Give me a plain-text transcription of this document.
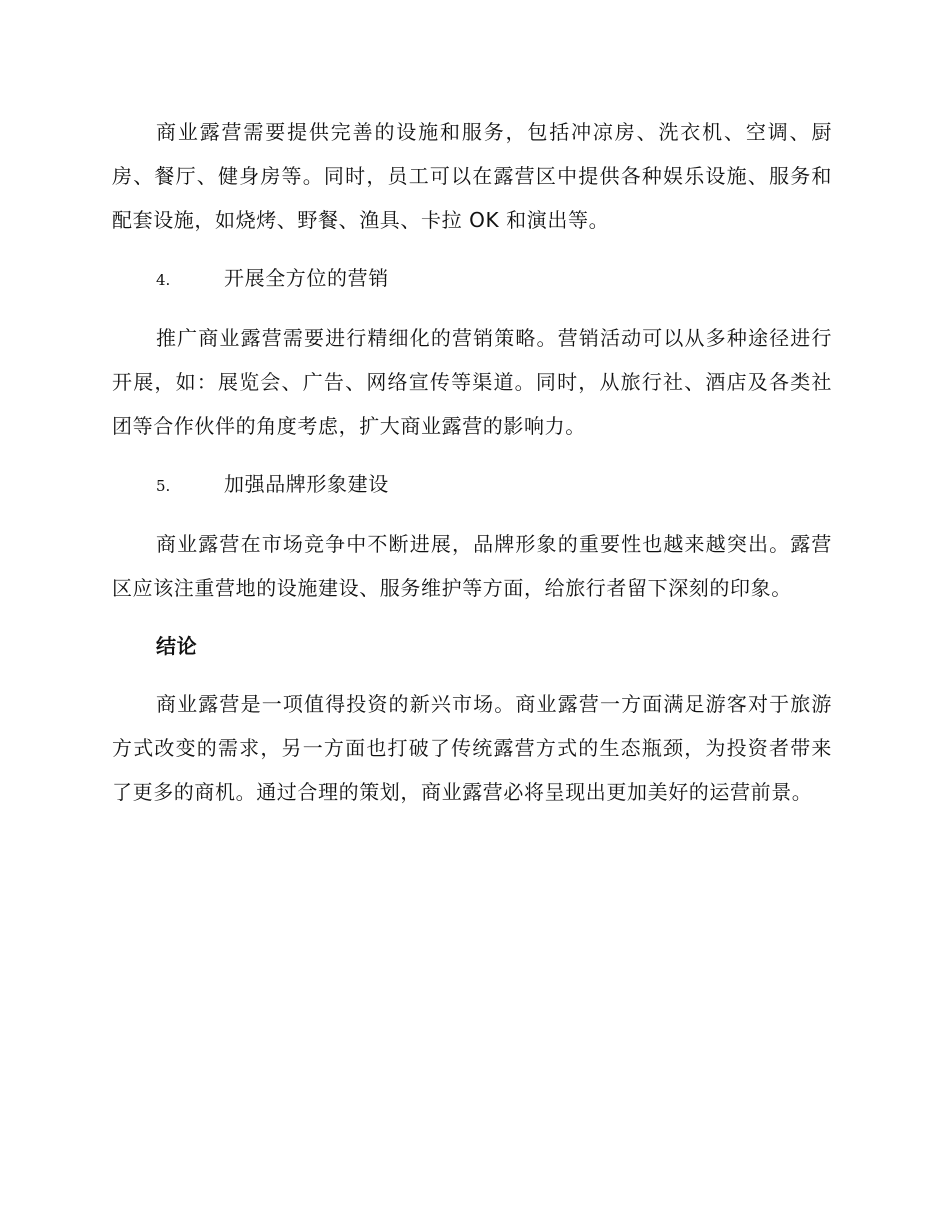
商业露营需要提供完善的设施和服务，包括冲凉房、洗衣机、空调、厨房、餐厅、健身房等。同时，员工可以在露营区中提供各种娱乐设施、服务和配套设施，如烧烤、野餐、渔具、卡拉 OK 和演出等。

4.	开展全方位的营销

推广商业露营需要进行精细化的营销策略。营销活动可以从多种途径进行开展，如：展览会、广告、网络宣传等渠道。同时，从旅行社、酒店及各类社团等合作伙伴的角度考虑，扩大商业露营的影响力。

5.	加强品牌形象建设

商业露营在市场竞争中不断进展，品牌形象的重要性也越来越突出。露营区应该注重营地的设施建设、服务维护等方面，给旅行者留下深刻的印象。

结论

商业露营是一项值得投资的新兴市场。商业露营一方面满足游客对于旅游方式改变的需求，另一方面也打破了传统露营方式的生态瓶颈，为投资者带来了更多的商机。通过合理的策划，商业露营必将呈现出更加美好的运营前景。
